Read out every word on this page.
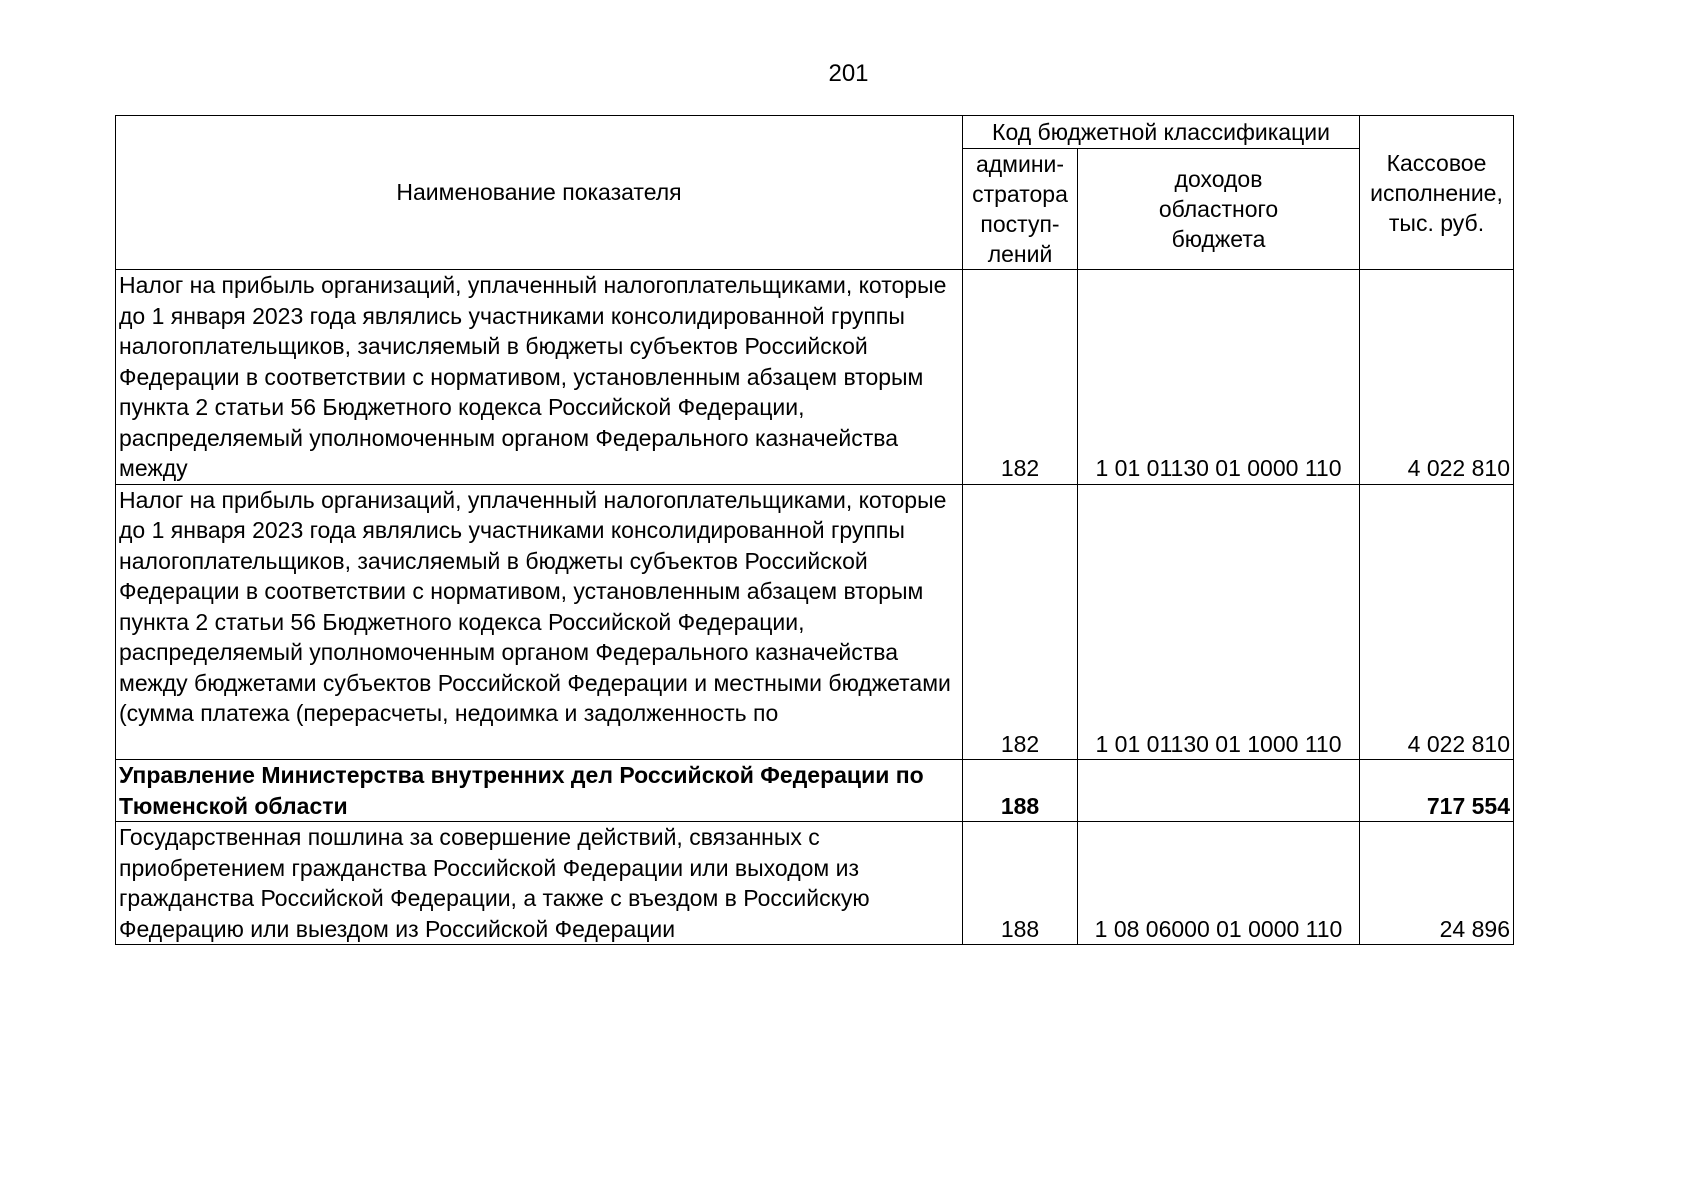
201
Наименование показателя	Код бюджетной классификации		Кассовое
исполнение,
тыс. руб.

	админи-
стратора
поступ-
лений	доходов
областного
бюджета	

Налог на прибыль организаций, уплаченный налогоплательщиками, которые до 1 января 2023 года являлись участниками консолидированной группы налогоплательщиков, зачисляемый в бюджеты субъектов Российской Федерации в соответствии с нормативом, установленным абзацем вторым пункта 2 статьи 56 Бюджетного кодекса Российской Федерации, распределяемый уполномоченным органом Федерального казначейства между	182	1 01 01130 01 0000 110	4 022 810

Налог на прибыль организаций, уплаченный налогоплательщиками, которые до 1 января 2023 года являлись участниками консолидированной группы налогоплательщиков, зачисляемый в бюджеты субъектов Российской Федерации в соответствии с нормативом, установленным абзацем вторым пункта 2 статьи 56 Бюджетного кодекса Российской Федерации, распределяемый уполномоченным органом Федерального казначейства между бюджетами субъектов Российской Федерации и местными бюджетами (сумма платежа (перерасчеты, недоимка и задолженность по	182	1 01 01130 01 1000 110	4 022 810
Управление Министерства внутренних дел Российской Федерации по Тюменской области	188		717 554
Государственная пошлина за совершение действий, связанных с приобретением гражданства Российской Федерации или выходом из гражданства Российской Федерации, а также с въездом в Российскую Федерацию или выездом из Российской Федерации	188	1 08 06000 01 0000 110	24 896
